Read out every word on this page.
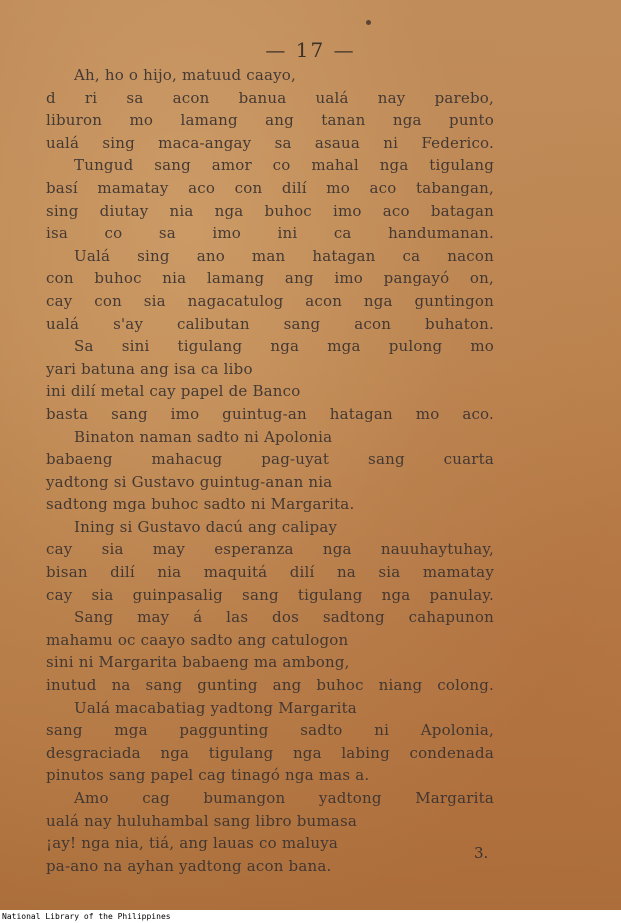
— 17 —
Ah, ho o hijo, matuud caayo,
d ri sa acon banua ualá nay parebo,
liburon mo lamang ang tanan nga punto
ualá sing maca-angay sa asaua ni Federico.
Tungud sang amor co mahal nga tigulang
basí mamatay aco con dilí mo aco tabangan,
sing diutay nia nga buhoc imo aco batagan
isa co sa imo ini ca handumanan.
Ualá sing ano man hatagan ca nacon
con buhoc nia lamang ang imo pangayó on,
cay con sia nagacatulog acon nga guntingon
ualá s'ay calibutan sang acon buhaton.
Sa sini tigulang nga mga pulong mo
yari batuna ang isa ca libo
ini dilí metal cay papel de Banco
basta sang imo guintug-an hatagan mo aco.
Binaton naman sadto ni Apolonia
babaeng mahacug pag-uyat sang cuarta
yadtong si Gustavo guintug-anan nia
sadtong mga buhoc sadto ni Margarita.
Ining si Gustavo dacú ang calipay
cay sia may esperanza nga nauuhaytuhay,
bisan dilí nia maquitá dilí na sia mamatay
cay sia guinpasalig sang tigulang nga panulay.
Sang may á las dos sadtong cahapunon
mahamu oc caayo sadto ang catulogon
sini ni Margarita babaeng ma ambong,
inutud na sang gunting ang buhoc niang colong.
Ualá macabatiag yadtong Margarita
sang mga paggunting sadto ni Apolonia,
desgraciada nga tigulang nga labing condenada
pinutos sang papel cag tinagó nga mas a.
Amo cag bumangon yadtong Margarita
ualá nay huluhambal sang libro bumasa
¡ay! nga nia, tiá, ang lauas co maluya
pa-ano na ayhan yadtong acon bana.
3.
National Library of the Philippines
